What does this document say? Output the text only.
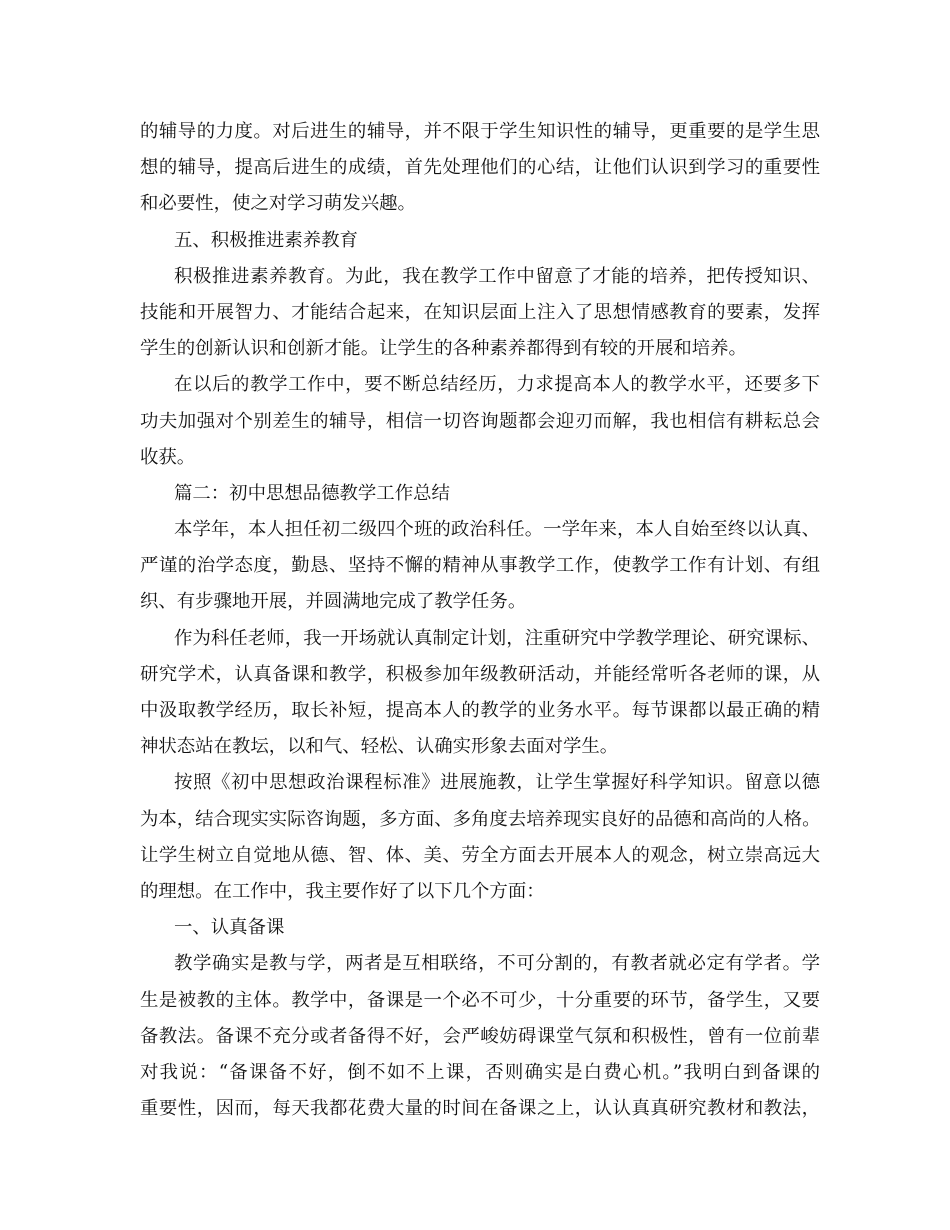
的辅导的力度。对后进生的辅导，并不限于学生知识性的辅导，更重要的是学生思
想的辅导，提高后进生的成绩，首先处理他们的心结，让他们认识到学习的重要性
和必要性，使之对学习萌发兴趣。
五、积极推进素养教育
积极推进素养教育。为此，我在教学工作中留意了才能的培养，把传授知识、
技能和开展智力、才能结合起来，在知识层面上注入了思想情感教育的要素，发挥
学生的创新认识和创新才能。让学生的各种素养都得到有较的开展和培养。
在以后的教学工作中，要不断总结经历，力求提高本人的教学水平，还要多下
功夫加强对个别差生的辅导，相信一切咨询题都会迎刃而解，我也相信有耕耘总会
收获。
篇二：初中思想品德教学工作总结
本学年，本人担任初二级四个班的政治科任。一学年来，本人自始至终以认真、
严谨的治学态度，勤恳、坚持不懈的精神从事教学工作，使教学工作有计划、有组
织、有步骤地开展，并圆满地完成了教学任务。
作为科任老师，我一开场就认真制定计划，注重研究中学教学理论、研究课标、
研究学术，认真备课和教学，积极参加年级教研活动，并能经常听各老师的课，从
中汲取教学经历，取长补短，提高本人的教学的业务水平。每节课都以最正确的精
神状态站在教坛，以和气、轻松、认确实形象去面对学生。
按照《初中思想政治课程标准》进展施教，让学生掌握好科学知识。留意以德
为本，结合现实实际咨询题，多方面、多角度去培养现实良好的品德和高尚的人格。
让学生树立自觉地从德、智、体、美、劳全方面去开展本人的观念，树立崇高远大
的理想。在工作中，我主要作好了以下几个方面：
一、认真备课
教学确实是教与学，两者是互相联络，不可分割的，有教者就必定有学者。学
生是被教的主体。教学中，备课是一个必不可少，十分重要的环节，备学生，又要
备教法。备课不充分或者备得不好，会严峻妨碍课堂气氛和积极性，曾有一位前辈
对我说：“备课备不好，倒不如不上课，否则确实是白费心机。”我明白到备课的
重要性，因而，每天我都花费大量的时间在备课之上，认认真真研究教材和教法，
